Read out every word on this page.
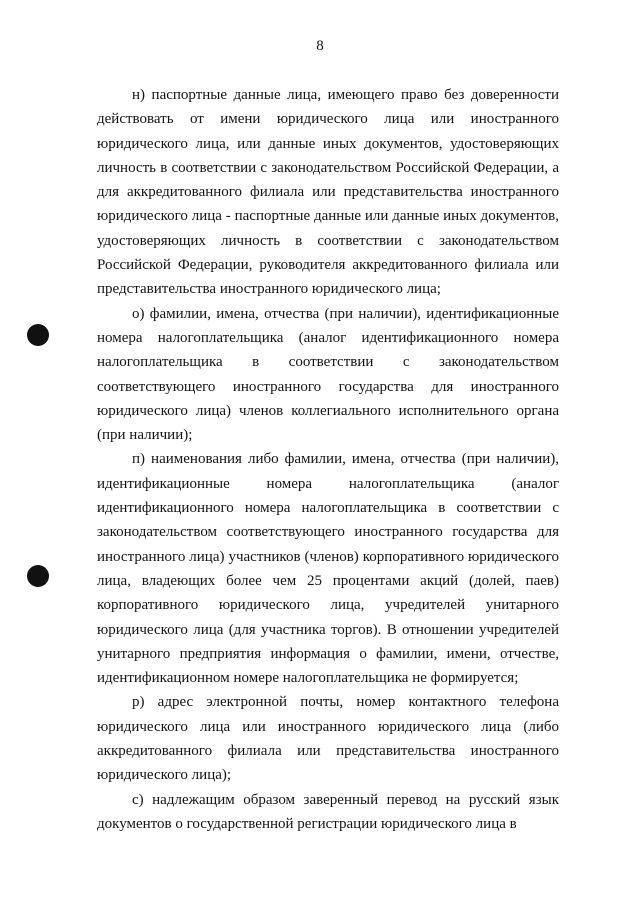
8

н) паспортные данные лица, имеющего право без доверенности действовать от имени юридического лица или иностранного юридического лица, или данные иных документов, удостоверяющих личность в соответствии с законодательством Российской Федерации, а для аккредитованного филиала или представительства иностранного юридического лица - паспортные данные или данные иных документов, удостоверяющих личность в соответствии с законодательством Российской Федерации, руководителя аккредитованного филиала или представительства иностранного юридического лица;

о) фамилии, имена, отчества (при наличии), идентификационные номера налогоплательщика (аналог идентификационного номера налогоплательщика в соответствии с законодательством соответствующего иностранного государства для иностранного юридического лица) членов коллегиального исполнительного органа (при наличии);

п) наименования либо фамилии, имена, отчества (при наличии), идентификационные номера налогоплательщика (аналог идентификационного номера налогоплательщика в соответствии с законодательством соответствующего иностранного государства для иностранного лица) участников (членов) корпоративного юридического лица, владеющих более чем 25 процентами акций (долей, паев) корпоративного юридического лица, учредителей унитарного юридического лица (для участника торгов). В отношении учредителей унитарного предприятия информация о фамилии, имени, отчестве, идентификационном номере налогоплательщика не формируется;

р) адрес электронной почты, номер контактного телефона юридического лица или иностранного юридического лица (либо аккредитованного филиала или представительства иностранного юридического лица);

с) надлежащим образом заверенный перевод на русский язык документов о государственной регистрации юридического лица в
